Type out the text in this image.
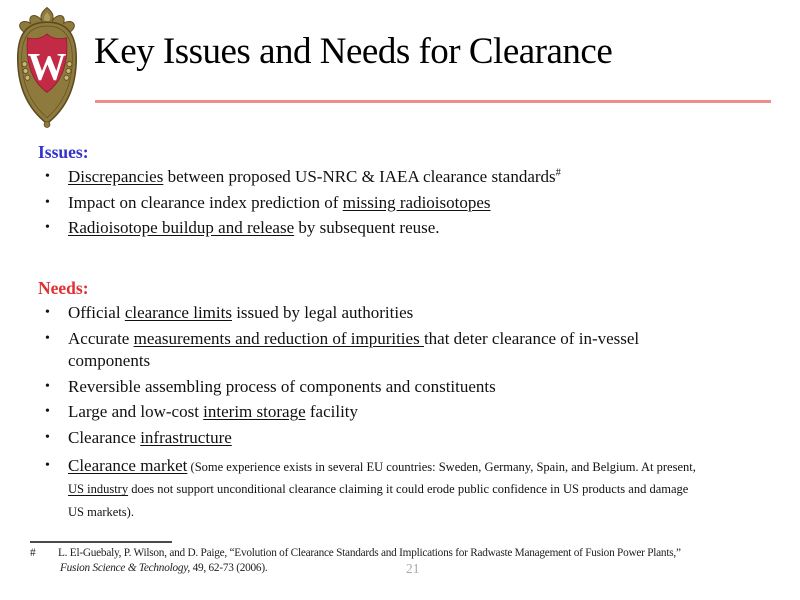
W Key Issues and Needs for Clearance
Issues:
• Discrepancies between proposed US-NRC & IAEA clearance standards#
• Impact on clearance index prediction of missing radioisotopes
• Radioisotope buildup and release by subsequent reuse.
Needs:
• Official clearance limits issued by legal authorities
• Accurate measurements and reduction of impurities that deter clearance of in-vessel
components
• Reversible assembling process of components and constituents
• Large and low-cost interim storage facility
• Clearance infrastructure
• Clearance market (Some experience exists in several EU countries: Sweden, Germany, Spain, and Belgium. At present,
US industry does not support unconditional clearance claiming it could erode public confidence in US products and damage
US markets).
#	L. El-Guebaly, P. Wilson, and D. Paige, “Evolution of Clearance Standards and Implications for Radwaste Management of Fusion Power Plants,”
Fusion Science & Technology, 49, 62-73 (2006).	21
